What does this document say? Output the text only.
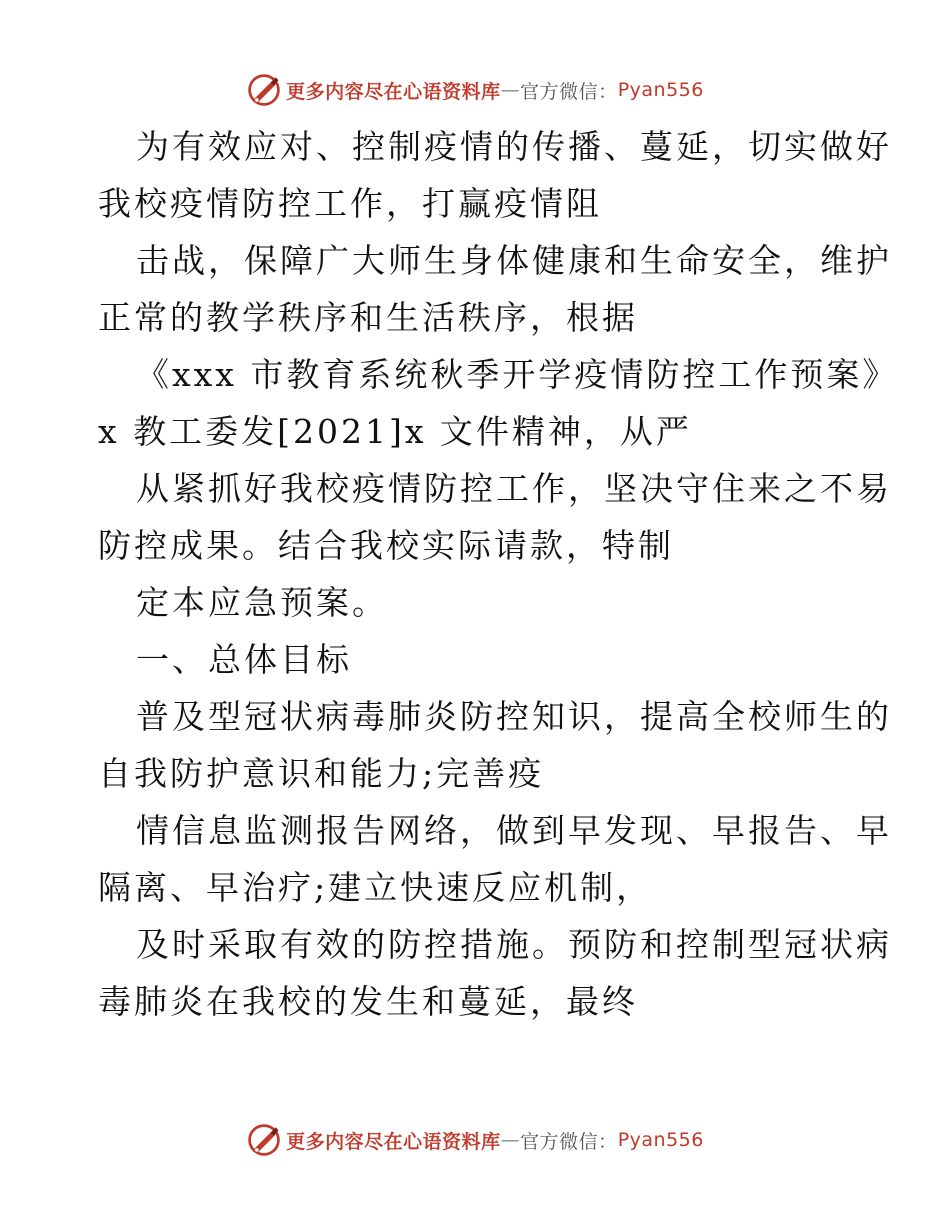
更多内容尽在心语资料库 — 官方微信： Pyan556

为有效应对、控制疫情的传播、蔓延，切实做好

我校疫情防控工作，打赢疫情阻

击战，保障广大师生身体健康和生命安全，维护

正常的教学秩序和生活秩序，根据

《xxx 市教育系统秋季开学疫情防控工作预案》

x 教工委发[2021]x 文件精神，从严

从紧抓好我校疫情防控工作，坚决守住来之不易

防控成果。结合我校实际请款，特制

定本应急预案。

一、总体目标

普及型冠状病毒肺炎防控知识，提高全校师生的

自我防护意识和能力;完善疫

情信息监测报告网络，做到早发现、早报告、早

隔离、早治疗;建立快速反应机制，

及时采取有效的防控措施。预防和控制型冠状病

毒肺炎在我校的发生和蔓延，最终

更多内容尽在心语资料库 — 官方微信： Pyan556
